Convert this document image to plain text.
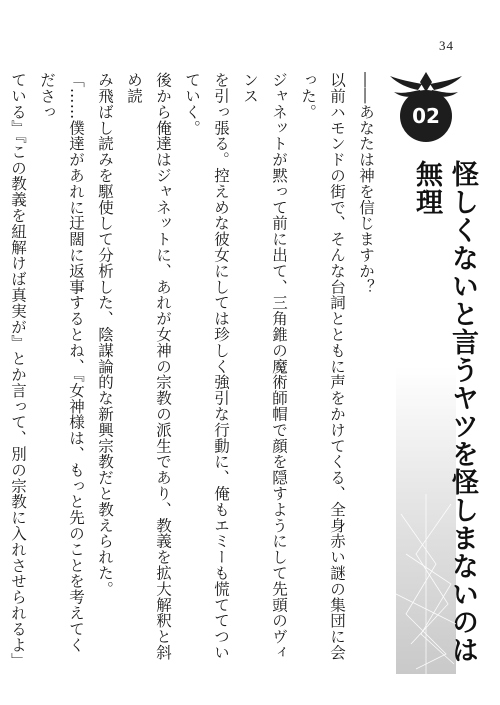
34
02
怪しくないと言うヤツを怪しまないのは無理

――あなたは神を信じますか？

以前ハモンドの街で、そんな台詞とともに声をかけてくる、全身赤い謎の集団に会った。

ジャネットが黙って前に出て、三角錐の魔術師帽で顔を隠すようにして先頭のヴィンス

を引っ張る。控えめな彼女にしては珍しく強引な行動に、俺もエミーも慌ててついていく。

後から俺達はジャネットに、あれが女神の宗教の派生であり、教義を拡大解釈と斜め読

み飛ばし読みを駆使して分析した、陰謀論的な新興宗教だと教えられた。

「……僕達があれに迂闊に返事するとね、『女神様は、もっと先のことを考えてくださっ

ている』『この教義を紐解けば真実が』とか言って、別の宗教に入れさせられるよ」
